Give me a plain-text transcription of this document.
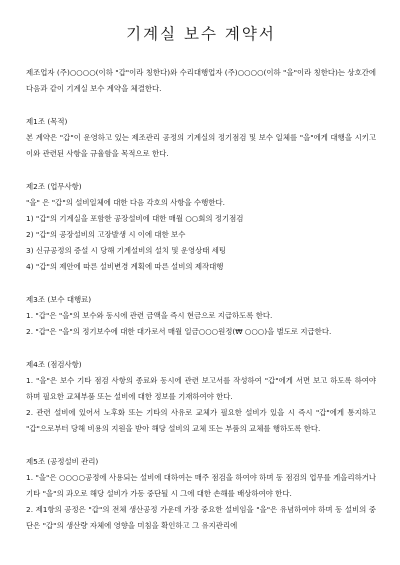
기계실 보수 계약서
제조업자 (주)○○○○(이하 "갑"이라 칭한다)와 수리대행업자 (주)○○○○(이하 "을"이라 칭한다)는 상호간에 다음과 같이 기계실 보수 계약을 체결한다.
제1조 (목적)
본 계약은 "갑"이 운영하고 있는 제조관리 공정의 기계실의 정기점검 및 보수 일체를 "을"에게 대행을 시키고 이와 관련된 사항을 규율함을 목적으로 한다.
제2조 (업무사항)
"을" 은 "갑"의 설비일체에 대한 다음 각호의 사항을 수행한다.
1) "갑"의 기계실을 포함한 공장설비에 대한 매월 ○○회의 정기점검
2) "갑"의 공장설비의 고장발생 시 이에 대한 보수
3) 신규공정의 증설 시 당해 기계설비의 설치 및 운영상태 세팅
4) "갑"의 제안에 따른 설비변경 계획에 따른 설비의 제작대행
제3조 (보수 대행료)
1. "갑"은 "을"의 보수와 동시에 관련 금액을 즉시 현금으로 지급하도록 한다.
2. "갑"은 "을"의 정기보수에 대한 대가로서 매월 일금○○○원정(₩ ○○○)을 별도로 지급한다.
제4조 (점검사항)
1. "을"은 보수 기타 점검 사항의 종료와 동시에 관련 보고서를 작성하여 "갑"에게 서면 보고 하도록 하여야 하며 필요한 교체부품 또는 설비에 대한 정보를 기재하여야 한다.
2. 관련 설비에 있어서 노후화 또는 기타의 사유로 교체가 필요한 설비가 있을 시 즉시 "갑"에게 통지하고 "갑"으로부터 당해 비용의 지원을 받아 해당 설비의 교체 또는 부품의 교체를 행하도록 한다.
제5조 (공정설비 관리)
1. "을"은 ○○○○공정에 사용되는 설비에 대하여는 매주 점검을 하여야 하며 동 점검의 업무를 게을리하거나 기타 "을"의 과오로 해당 설비가 가동 중단될 시 그에 대한 손해를 배상하여야 한다.
2. 제1항의 공정은 "갑"의 전체 생산공정 가운데 가장 중요한 설비임을 "을"은 유념하여야 하며 동 설비의 중단은 "갑"의 생산량 자체에 영향을 미침을 확인하고 그 유지관리에
